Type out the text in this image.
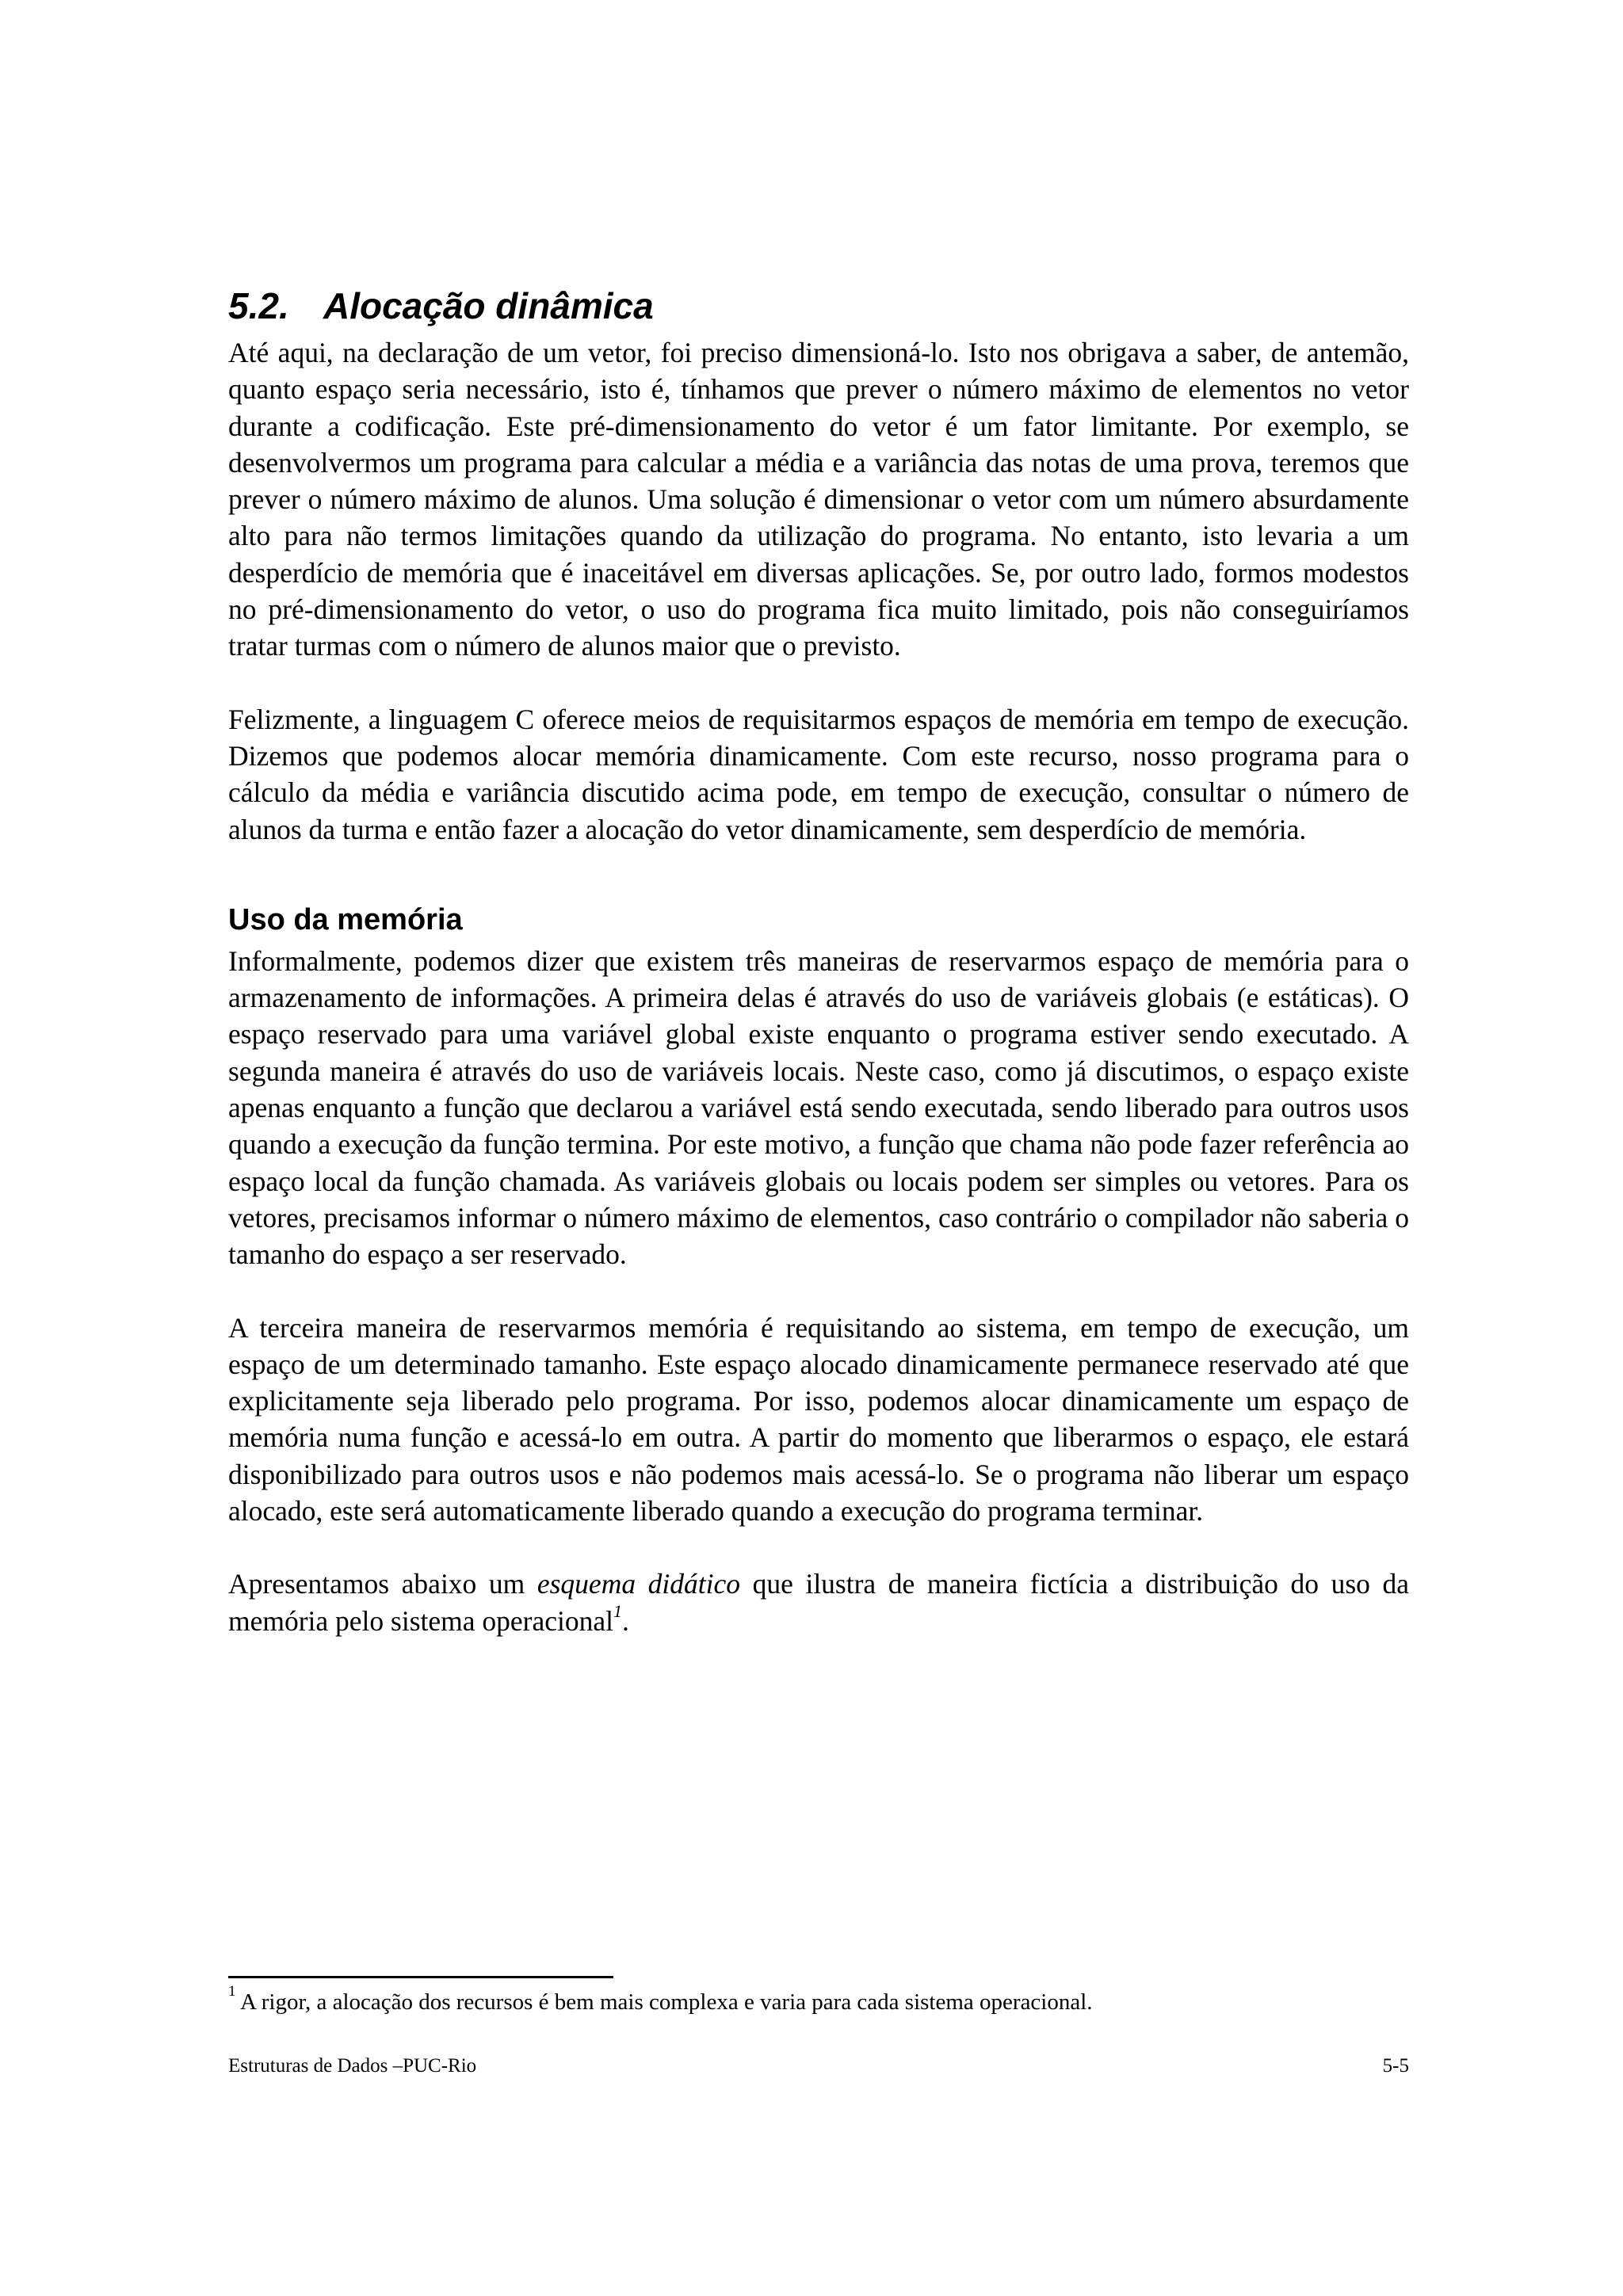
5.2. Alocação dinâmica

Até aqui, na declaração de um vetor, foi preciso dimensioná-lo. Isto nos obrigava a saber, de antemão, quanto espaço seria necessário, isto é, tínhamos que prever o número máximo de elementos no vetor durante a codificação. Este pré-dimensionamento do vetor é um fator limitante. Por exemplo, se desenvolvermos um programa para calcular a média e a variância das notas de uma prova, teremos que prever o número máximo de alunos. Uma solução é dimensionar o vetor com um número absurdamente alto para não termos limitações quando da utilização do programa. No entanto, isto levaria a um desperdício de memória que é inaceitável em diversas aplicações. Se, por outro lado, formos modestos no pré-dimensionamento do vetor, o uso do programa fica muito limitado, pois não conseguiríamos tratar turmas com o número de alunos maior que o previsto.

Felizmente, a linguagem C oferece meios de requisitarmos espaços de memória em tempo de execução. Dizemos que podemos alocar memória dinamicamente. Com este recurso, nosso programa para o cálculo da média e variância discutido acima pode, em tempo de execução, consultar o número de alunos da turma e então fazer a alocação do vetor dinamicamente, sem desperdício de memória.

Uso da memória

Informalmente, podemos dizer que existem três maneiras de reservarmos espaço de memória para o armazenamento de informações. A primeira delas é através do uso de variáveis globais (e estáticas). O espaço reservado para uma variável global existe enquanto o programa estiver sendo executado. A segunda maneira é através do uso de variáveis locais. Neste caso, como já discutimos, o espaço existe apenas enquanto a função que declarou a variável está sendo executada, sendo liberado para outros usos quando a execução da função termina. Por este motivo, a função que chama não pode fazer referência ao espaço local da função chamada. As variáveis globais ou locais podem ser simples ou vetores. Para os vetores, precisamos informar o número máximo de elementos, caso contrário o compilador não saberia o tamanho do espaço a ser reservado.

A terceira maneira de reservarmos memória é requisitando ao sistema, em tempo de execução, um espaço de um determinado tamanho. Este espaço alocado dinamicamente permanece reservado até que explicitamente seja liberado pelo programa. Por isso, podemos alocar dinamicamente um espaço de memória numa função e acessá-lo em outra. A partir do momento que liberarmos o espaço, ele estará disponibilizado para outros usos e não podemos mais acessá-lo. Se o programa não liberar um espaço alocado, este será automaticamente liberado quando a execução do programa terminar.

Apresentamos abaixo um esquema didático que ilustra de maneira fictícia a distribuição do uso da memória pelo sistema operacional$^1$.

$^1$ A rigor, a alocação dos recursos é bem mais complexa e varia para cada sistema operacional.
Estruturas de Dados –PUC-Rio	5-5
